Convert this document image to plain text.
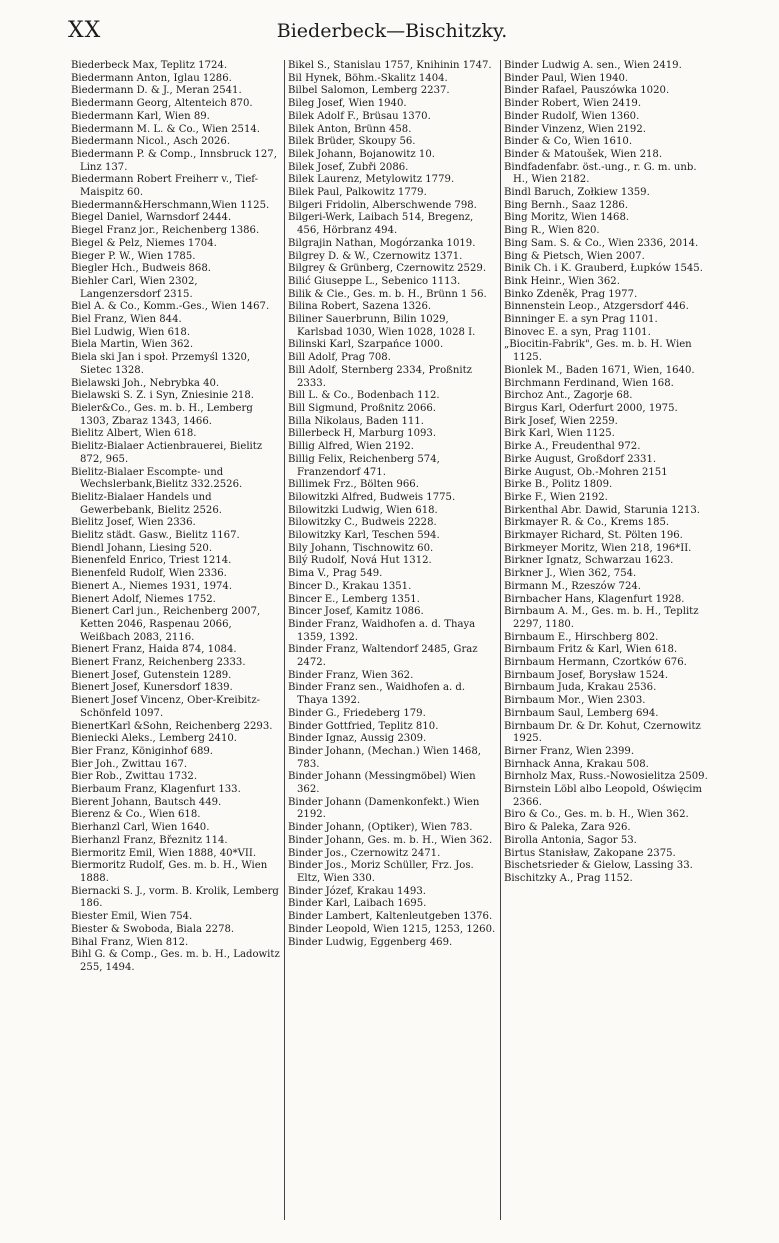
XX	Biederbeck—Bischitzky.
Biederbeck Max, Teplitz 1724.
Biedermann Anton, Iglau 1286.
Biedermann D. & J., Meran 2541.
Biedermann Georg, Altenteich 870.
Biedermann Karl, Wien 89.
Biedermann M. L. & Co., Wien 2514.
Biedermann Nicol., Asch 2026.
Biedermann P. & Comp., Innsbruck 127, Linz 137.
Biedermann Robert Freiherr v., Tief-Maispitz 60.
Biedermann&Herschmann,Wien 1125.
Biegel Daniel, Warnsdorf 2444.
Biegel Franz jor., Reichenberg 1386.
Biegel & Pelz, Niemes 1704.
Bieger P. W., Wien 1785.
Biegler Hch., Budweis 868.
Biehler Carl, Wien 2302, Langenzersdorf 2315.
Biel A. & Co., Komm.-Ges., Wien 1467.
Biel Franz, Wien 844.
Biel Ludwig, Wien 618.
Biela Martin, Wien 362.
Biela ski Jan i społ. Przemyśl 1320, Sietec 1328.
Bielawski Joh., Nebrybka 40.
Bielawski S. Z. i Syn, Zniesinie 218.
Bieler&Co., Ges. m. b. H., Lemberg 1303, Zbaraz 1343, 1466.
Bielitz Albert, Wien 618.
Bielitz-Bialaer Actienbrauerei, Bielitz 872, 965.
Bielitz-Bialaer Escompte- und Wechslerbank,Bielitz 332.2526.
Bielitz-Bialaer Handels und Gewerbebank, Bielitz 2526.
Bielitz Josef, Wien 2336.
Bielitz städt. Gasw., Bielitz 1167.
Biendl Johann, Liesing 520.
Bienenfeld Enrico, Triest 1214.
Bienenfeld Rudolf, Wien 2336.
Bienert A., Niemes 1931, 1974.
Bienert Adolf, Niemes 1752.
Bienert Carl jun., Reichenberg 2007, Ketten 2046, Raspenau 2066, Weißbach 2083, 2116.
Bienert Franz, Haida 874, 1084.
Bienert Franz, Reichenberg 2333.
Bienert Josef, Gutenstein 1289.
Bienert Josef, Kunersdorf 1839.
Bienert Josef Vincenz, Ober-Kreibitz-Schönfeld 1097.
BienertKarl &Sohn, Reichenberg 2293.
Bieniecki Aleks., Lemberg 2410.
Bier Franz, Königinhof 689.
Bier Joh., Zwittau 167.
Bier Rob., Zwittau 1732.
Bierbaum Franz, Klagenfurt 133.
Bierent Johann, Bautsch 449.
Bierenz & Co., Wien 618.
Bierhanzl Carl, Wien 1640.
Bierhanzl Franz, Březnitz 114.
Biermoritz Emil, Wien 1888, 40*VII.
Biermoritz Rudolf, Ges. m. b. H., Wien 1888.
Biernacki S. J., vorm. B. Krolik, Lemberg 186.
Biester Emil, Wien 754.
Biester & Swoboda, Biala 2278.
Bihal Franz, Wien 812.
Bihl G. & Comp., Ges. m. b. H., Ladowitz 255, 1494.
Bikel S., Stanislau 1757, Knihinin 1747.
Bil Hynek, Böhm.-Skalitz 1404.
Bilbel Salomon, Lemberg 2237.
Bileg Josef, Wien 1940.
Bilek Adolf F., Brüsau 1370.
Bilek Anton, Brünn 458.
Bilek Brüder, Skoupy 56.
Bilek Johann, Bojanowitz 10.
Bilek Josef, Zubři 2086.
Bilek Laurenz, Metylowitz 1779.
Bilek Paul, Palkowitz 1779.
Bilgeri Fridolin, Alberschwende 798.
Bilgeri-Werk, Laibach 514, Bregenz, 456, Hörbranz 494.
Bilgrajin Nathan, Mogórzanka 1019.
Bilgrey D. & W., Czernowitz 1371.
Bilgrey & Grünberg, Czernowitz 2529.
Bilić Giuseppe L., Sebenico 1113.
Bilik & Cie., Ges. m. b. H., Brünn 1 56.
Bilina Robert, Sazena 1326.
Biliner Sauerbrunn, Bilin 1029, Karlsbad 1030, Wien 1028, 1028 I.
Bilinski Karl, Szarpańce 1000.
Bill Adolf, Prag 708.
Bill Adolf, Sternberg 2334, Proßnitz 2333.
Bill L. & Co., Bodenbach 112.
Bill Sigmund, Proßnitz 2066.
Billa Nikolaus, Baden 111.
Billerbeck H, Marburg 1093.
Billig Alfred, Wien 2192.
Billig Felix, Reichenberg 574, Franzendorf 471.
Billimek Frz., Bölten 966.
Bilowitzki Alfred, Budweis 1775.
Bilowitzki Ludwig, Wien 618.
Bilowitzky C., Budweis 2228.
Bilowitzky Karl, Teschen 594.
Bily Johann, Tischnowitz 60.
Bilý Rudolf, Nová Hut 1312.
Bima V., Prag 549.
Bincer D., Krakau 1351.
Bincer E., Lemberg 1351.
Bincer Josef, Kamitz 1086.
Binder Franz, Waidhofen a. d. Thaya 1359, 1392.
Binder Franz, Waltendorf 2485, Graz 2472.
Binder Franz, Wien 362.
Binder Franz sen., Waidhofen a. d. Thaya 1392.
Binder G., Friedeberg 179.
Binder Gottfried, Teplitz 810.
Binder Ignaz, Aussig 2309.
Binder Johann, (Mechan.) Wien 1468, 783.
Binder Johann (Messingmöbel) Wien 362.
Binder Johann (Damenkonfekt.) Wien 2192.
Binder Johann, (Optiker), Wien 783.
Binder Johann, Ges. m. b. H., Wien 362.
Binder Jos., Czernowitz 2471.
Binder Jos., Moriz Schüller, Frz. Jos. Eltz, Wien 330.
Binder Józef, Krakau 1493.
Binder Karl, Laibach 1695.
Binder Lambert, Kaltenleutgeben 1376.
Binder Leopold, Wien 1215, 1253, 1260.
Binder Ludwig, Eggenberg 469.
Binder Ludwig A. sen., Wien 2419.
Binder Paul, Wien 1940.
Binder Rafael, Pauszówka 1020.
Binder Robert, Wien 2419.
Binder Rudolf, Wien 1360.
Binder Vinzenz, Wien 2192.
Binder & Co, Wien 1610.
Binder & Matoušek, Wien 218.
Bindfadenfabr. öst.-ung., r. G. m. unb. H., Wien 2182.
Bindl Baruch, Zołkiew 1359.
Bing Bernh., Saaz 1286.
Bing Moritz, Wien 1468.
Bing R., Wien 820.
Bing Sam. S. & Co., Wien 2336, 2014.
Bing & Pietsch, Wien 2007.
Binik Ch. i K. Grauberd, Łupków 1545.
Bink Heinr., Wien 362.
Binko Zdeněk, Prag 1977.
Binnenstein Leop., Atzgersdorf 446.
Binninger E. a syn Prag 1101.
Binovec E. a syn, Prag 1101.
„Biocitin-Fabrik", Ges. m. b. H. Wien 1125.
Bionlek M., Baden 1671, Wien, 1640.
Birchmann Ferdinand, Wien 168.
Birchoz Ant., Zagorje 68.
Birgus Karl, Oderfurt 2000, 1975.
Birk Josef, Wien 2259.
Birk Karl, Wien 1125.
Birke A., Freudenthal 972.
Birke August, Großdorf 2331.
Birke August, Ob.-Mohren 2151
Birke B., Politz 1809.
Birke F., Wien 2192.
Birkenthal Abr. Dawid, Starunia 1213.
Birkmayer R. & Co., Krems 185.
Birkmayer Richard, St. Pölten 196.
Birkmeyer Moritz, Wien 218, 196*II.
Birkner Ignatz, Schwarzau 1623.
Birkner J., Wien 362, 754.
Birmann M., Rzeszów 724.
Birnbacher Hans, Klagenfurt 1928.
Birnbaum A. M., Ges. m. b. H., Teplitz 2297, 1180.
Birnbaum E., Hirschberg 802.
Birnbaum Fritz & Karl, Wien 618.
Birnbaum Hermann, Czortków 676.
Birnbaum Josef, Borysław 1524.
Birnbaum Juda, Krakau 2536.
Birnbaum Mor., Wien 2303.
Birnbaum Saul, Lemberg 694.
Birnbaum Dr. & Dr. Kohut, Czernowitz 1925.
Birner Franz, Wien 2399.
Birnhack Anna, Krakau 508.
Birnholz Max, Russ.-Nowosielitza 2509.
Birnstein Löbl albo Leopold, Oświęcim 2366.
Biro & Co., Ges. m. b. H., Wien 362.
Biro & Paleka, Zara 926.
Birolla Antonia, Sagor 53.
Birtus Stanisław, Zakopane 2375.
Bischetsrieder & Gielow, Lassing 33.
Bischitzky A., Prag 1152.
